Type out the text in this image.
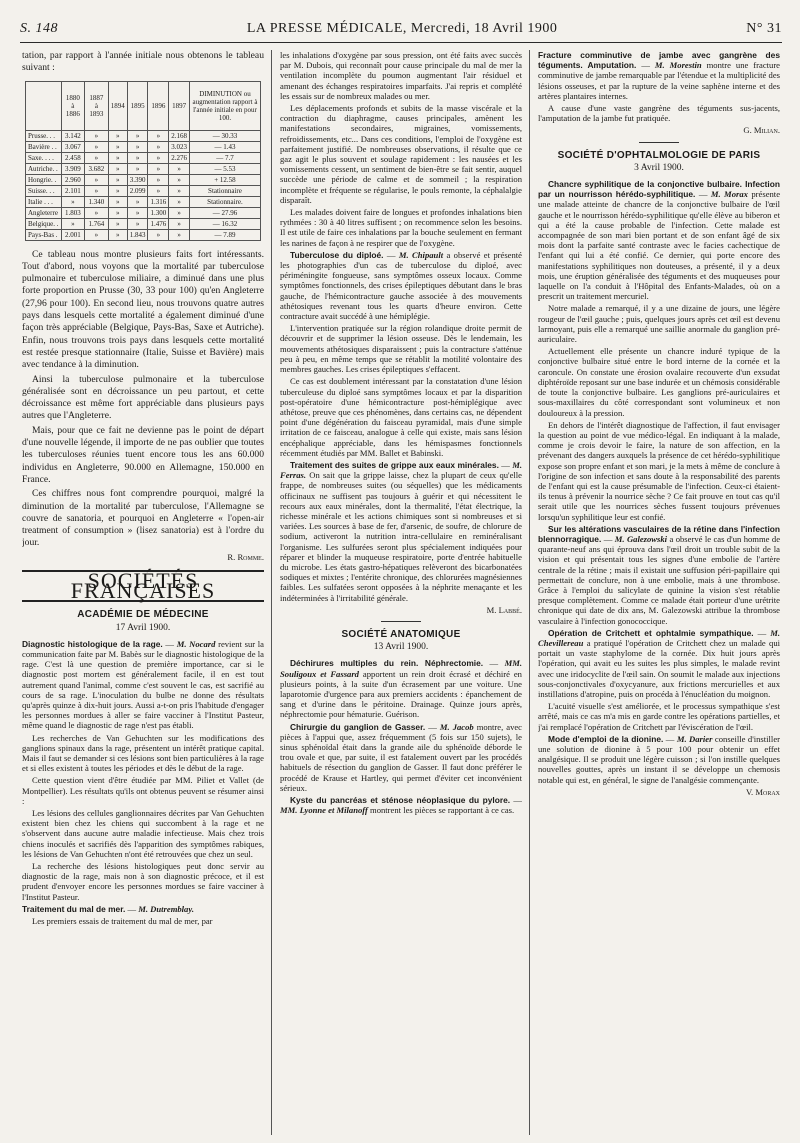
S. 148	LA PRESSE MÉDICALE, Mercredi, 18 Avril 1900	N° 31

tation, par rapport à l'année initiale nous obtenons le tableau suivant :

	1880 à 1886	1887 à 1893	1894	1895	1896	1897	DIMINUTION ou augmentation rapport à l'année initiale en pour 100.
Prusse. . .	3.142	»	»	»	»	2.168	— 30.33
Bavière . .	3.067	»	»	»	»	3.023	— 1.43
Saxe. . . .	2.458	»	»	»	»	2.276	— 7.7
Autriche. .	3.909	3.682	»	»	»	»	— 5.53
Hongrie. .	2.960	»	»	3.390	»	»	+ 12.58
Suisse. . .	2.101	»	»	2.099	»	»	Stationnaire
Italie . . .	»	1.340	»	»	1.316	»	Stationnaire.
Angleterre	1.803	»	»	»	1.300	»	— 27.96
Belgique. .	»	1.764	»	»	1.476	»	— 16.32
Pays-Bas .	2.001	»	»	1.843	»	»	— 7.89

Ce tableau nous montre plusieurs faits fort intéressants. Tout d'abord, nous voyons que la mortalité par tuberculose pulmonaire et tuberculose miliaire, a diminué dans une plus forte proportion en Prusse (30, 33 pour 100) qu'en Angleterre (27,96 pour 100). En second lieu, nous trouvons quatre autres pays dans lesquels cette mortalité a également diminué d'une façon très appréciable (Belgique, Pays-Bas, Saxe et Autriche). Enfin, nous trouvons trois pays dans lesquels cette mortalité est restée presque stationnaire (Italie, Suisse et Bavière) mais avec tendance à la diminution.

Ainsi la tuberculose pulmonaire et la tuberculose généralisée sont en décroissance un peu partout, et cette décroissance est même fort appréciable dans plusieurs pays autres que l'Angleterre.

Mais, pour que ce fait ne devienne pas le point de départ d'une nouvelle légende, il importe de ne pas oublier que toutes les tuberculoses réunies tuent encore tous les ans 60.000 individus en Angleterre, 90.000 en Allemagne, 150.000 en France.

Ces chiffres nous font comprendre pourquoi, malgré la diminution de la mortalité par tuberculose, l'Allemagne se couvre de sanatoria, et pourquoi en Angleterre « l'open-air treatment of consumption » (lisez sanatoria) est à l'ordre du jour.

R. Romme.

SOCIÉTÉS FRANÇAISES
ACADÉMIE DE MÉDECINE
17 Avril 1900.

Diagnostic histologique de la rage. — M. Nocard revient sur la communication faite par M. Babès sur le diagnostic histologique de la rage. C'est là une question de première importance, car si le diagnostic post mortem est généralement facile, il en est tout autrement quand l'animal, comme c'est souvent le cas, est sacrifié au cours de sa rage. L'inoculation du bulbe ne donne des résultats qu'après quinze à dix-huit jours. Aussi a-t-on pris l'habitude d'engager les personnes mordues à aller se faire vacciner à l'Institut Pasteur, même quand le diagnostic de rage n'est pas établi.

Les recherches de Van Gehuchten sur les modifications des ganglions spinaux dans la rage, présentent un intérêt pratique capital. Mais il faut se demander si ces lésions sont bien particulières à la rage et si elles existent à toutes les périodes et dès le début de la rage.

Cette question vient d'être étudiée par MM. Piliet et Vallet (de Montpellier). Les résultats qu'ils ont obtenus peuvent se résumer ainsi :

Les lésions des cellules ganglionnaires décrites par Van Gehuchten existent bien chez les chiens qui succombent à la rage et ne s'observent dans aucune autre maladie infectieuse. Mais chez trois chiens inoculés et sacrifiés dès l'apparition des symptômes rabiques, les lésions de Van Gehuchten n'ont été retrouvées que chez un seul.

La recherche des lésions histologiques peut donc servir au diagnostic de la rage, mais non à son diagnostic précoce, et il est prudent d'envoyer encore les personnes mordues se faire vacciner à l'Institut Pasteur.

Traitement du mal de mer. — M. Dutremblay.

Les premiers essais de traitement du mal de mer, par

les inhalations d'oxygène par sous pression, ont été faits avec succès par M. Dubois, qui reconnaît pour cause principale du mal de mer la ventilation incomplète du poumon augmentant l'air résiduel et amenant des échanges respiratoires imparfaits. J'ai repris et complété les essais sur de nombreux malades ou mer.

Les déplacements profonds et subits de la masse viscérale et la contraction du diaphragme, causes principales, amènent les manifestations secondaires, migraines, vomissements, refroidissements, etc... Dans ces conditions, l'emploi de l'oxygène est parfaitement justifié. De nombreuses observations, il résulte que ce gaz agit le plus souvent et soulage rapidement : les nausées et les vomissements cessent, un sentiment de bien-être se fait sentir, auquel succède une période de calme et de sommeil ; la respiration incomplète et fréquente se régularise, le pouls remonte, la céphalalgie disparaît.

Les malades doivent faire de longues et profondes inhalations bien rythmées : 30 à 40 litres suffisent ; on recommence selon les besoins. Il est utile de faire ces inhalations par la bouche seulement en fermant les narines de façon à ne respirer que de l'oxygène.

Tuberculose du diploé. — M. Chipault a observé et présenté les photographies d'un cas de tuberculose du diploé, avec périméningite fongueuse, sans symptômes osseux locaux. Comme symptômes fonctionnels, des crises épileptiques débutant dans le bras gauche, de l'hémicontracture gauche associée à des mouvements athétosiques revenant tous les quarts d'heure environ. Cette contracture avait succédé à une hémiplégie.

L'intervention pratiquée sur la région rolandique droite permit de découvrir et de supprimer la lésion osseuse. Dès le lendemain, les mouvements athétosiques disparaissent ; puis la contracture s'atténue peu à peu, en même temps que se rétablit la motilité volontaire des membres gauches. Les crises épileptiques s'effacent.

Ce cas est doublement intéressant par la constatation d'une lésion tuberculeuse du diploé sans symptômes locaux et par la disparition post-opératoire d'une hémicontracture post-hémiplégique avec athétose, preuve que ces phénomènes, dans certains cas, ne dépendent point d'une dégénération du faisceau pyramidal, mais d'une simple irritation de ce faisceau, analogue à celle qui existe, mais sans lésion encéphalique appréciable, dans les hémispasmes fonctionnels récemment étudiés par MM. Ballet et Babinski.

Traitement des suites de grippe aux eaux minérales. — M. Ferras. On sait que la grippe laisse, chez la plupart de ceux qu'elle frappe, de nombreuses suites (ou séquelles) que les médicaments officinaux ne suffisent pas toujours à guérir et qui nécessitent le recours aux eaux minérales, dont la thermalité, l'état électrique, la richesse minérale et les actions chimiques sont si nombreuses et si variées. Les sources à base de fer, d'arsenic, de soufre, de chlorure de sodium, activeront la nutrition intra-cellulaire en reminéralisant l'organisme. Les sulfurées seront plus spécialement indiquées pour réparer et blinder la muqueuse respiratoire, porte d'entrée habituelle du microbe. Les états gastro-hépatiques relèveront des bicarbonatées sodiques et mixtes ; l'entérite chronique, des chlorurées magnésiennes faibles. Les sulfatées seront opposées à la néphrite menaçante et les indéterminées à l'irritabilité générale.

M. Labbé.

SOCIÉTÉ ANATOMIQUE
13 Avril 1900.

Déchirures multiples du rein. Néphrectomie. — MM. Souligoux et Fassard apportent un rein droit écrasé et déchiré en plusieurs points, à la suite d'un écrasement par une voiture. Une laparotomie d'urgence para aux premiers accidents : épanchement de sang et d'urine dans le péritoine. Drainage. Quinze jours après, néphrectomie pour hématurie. Guérison.

Chirurgie du ganglion de Gasser. — M. Jacob montre, avec pièces à l'appui que, assez fréquemment (5 fois sur 150 sujets), le sinus sphénoïdal était dans la grande aile du sphénoïde déborde le trou ovale et que, par suite, il est fatalement ouvert par les procédés habituels de résection du ganglion de Gasser. Il faut donc préférer le procédé de Krause et Hartley, qui permet d'éviter cet inconvénient sérieux.

Kyste du pancréas et sténose néoplasique du pylore. — MM. Lyonne et Milanoff montrent les pièces se rapportant à ce cas.

Fracture comminutive de jambe avec gangrène des téguments. Amputation. — M. Morestin montre une fracture comminutive de jambe remarquable par l'étendue et la multiplicité des lésions osseuses, et par la rupture de la veine saphène interne et des artères plantaires internes.

A cause d'une vaste gangrène des téguments sus-jacents, l'amputation de la jambe fut pratiquée.

G. Milian.

SOCIÉTÉ D'OPHTALMOLOGIE DE PARIS
3 Avril 1900.

Chancre syphilitique de la conjonctive bulbaire. Infection par un nourrisson hérédo-syphilitique. — M. Morax présente une malade atteinte de chancre de la conjonctive bulbaire de l'œil gauche et le nourrisson hérédo-syphilitique qu'elle élève au biberon et qui a été la cause probable de l'infection. Cette malade est accompagnée de son mari bien portant et de son enfant âgé de six mois dont la parfaite santé contraste avec le facies cachectique de l'enfant qui lui a été confié. Ce dernier, qui porte encore des manifestations syphilitiques non douteuses, a présenté, il y a deux mois, une éruption généralisée des téguments et des muqueuses pour laquelle on l'a conduit à l'Hôpital des Enfants-Malades, où on a prescrit un traitement mercuriel.

Notre malade a remarqué, il y a une dizaine de jours, une légère rougeur de l'œil gauche ; puis, quelques jours après cet œil est devenu larmoyant, puis elle a remarqué une saillie anormale du ganglion pré-auriculaire.

Actuellement elle présente un chancre induré typique de la conjonctive bulbaire situé entre le bord interne de la cornée et la caroncule. On constate une érosion ovalaire recouverte d'un exsudat diphtéroïde reposant sur une base indurée et un chémosis considérable de toute la conjonctive bulbaire. Les ganglions pré-auriculaires et sous-maxillaires du côté correspondant sont volumineux et non douloureux à la pression.

En dehors de l'intérêt diagnostique de l'affection, il faut envisager la question au point de vue médico-légal. En indiquant à la malade, comme je crois devoir le faire, la nature de son affection, en la prévenant des dangers auxquels la présence de cet hérédo-syphilitique expose son propre enfant et son mari, je la mets à même de conclure à l'origine de son infection et sans doute à la responsabilité des parents de l'enfant qui est la cause présumable de l'infection. Ceux-ci étaient-ils tenus à prévenir la nourrice sèche ? Ce fait prouve en tout cas qu'il serait utile que les nourrices sèches fussent toujours prévenues lorsqu'un syphilitique leur est confié.

Sur les altérations vasculaires de la rétine dans l'infection blennorragique. — M. Galezowski a observé le cas d'un homme de quarante-neuf ans qui éprouva dans l'œil droit un trouble subit de la vision et qui présentait tous les signes d'une embolie de l'artère centrale de la rétine ; mais il existait une suffusion péri-papillaire qui permettait de conclure, non à une embolie, mais à une thrombose. Grâce à l'emploi du salicylate de quinine la vision s'est rétablie presque complètement. Comme ce malade était porteur d'une urétrite chronique qui date de dix ans, M. Galezowski attribue la thrombose vasculaire à l'infection gonococcique.

Opération de Critchett et ophtalmie sympathique. — M. Chevillereau a pratiqué l'opération de Critchett chez un malade qui portait un vaste staphylome de la cornée. Dix huit jours après l'opération, qui avait eu les suites les plus simples, le malade revint avec une iridocyclite de l'œil sain. On soumit le malade aux injections sous-conjonctivales d'oxycyanure, aux frictions mercurielles et aux instillations d'atropine, puis on procéda à l'énucléation du moignon.

L'acuité visuelle s'est améliorée, et le processus sympathique s'est arrêté, mais ce cas m'a mis en garde contre les opérations partielles, et j'ai remplacé l'opération de Critchett par l'éviscération de l'œil.

Mode d'emploi de la dionine. — M. Darier conseille d'instiller une solution de dionine à 5 pour 100 pour obtenir un effet analgésique. Il se produit une légère cuisson ; si l'on instille quelques nouvelles gouttes, après un instant il se développe un chemosis notable qui est, en général, le signe de l'analgésie commençante.

V. Morax
